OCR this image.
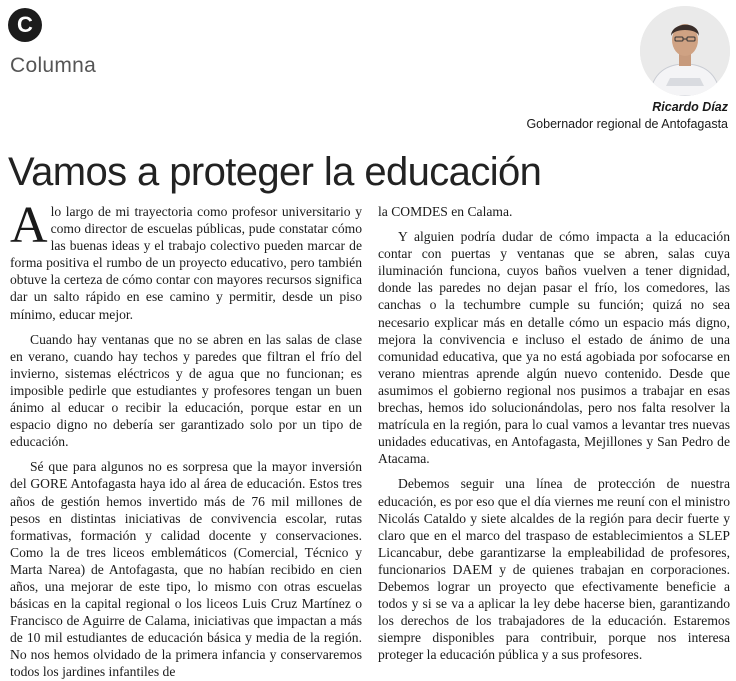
C
Columna
Ricardo Díaz
Gobernador regional de Antofagasta
Vamos a proteger la educación

Alo largo de mi trayectoria como profesor universitario y como director de escuelas públicas, pude constatar cómo las buenas ideas y el trabajo colectivo pueden marcar de forma positiva el rumbo de un proyecto educativo, pero también obtuve la certeza de cómo contar con mayores recursos significa dar un salto rápido en ese camino y permitir, desde un piso mínimo, educar mejor.

Cuando hay ventanas que no se abren en las salas de clase en verano, cuando hay techos y paredes que filtran el frío del invierno, sistemas eléctricos y de agua que no funcionan; es imposible pedirle que estudiantes y profesores tengan un buen ánimo al educar o recibir la educación, porque estar en un espacio digno no debería ser garantizado solo por un tipo de educación.

Sé que para algunos no es sorpresa que la mayor inversión del GORE Antofagasta haya ido al área de educación. Estos tres años de gestión hemos invertido más de 76 mil millones de pesos en distintas iniciativas de convivencia escolar, rutas formativas, formación y calidad docente y conservaciones. Como la de tres liceos emblemáticos (Comercial, Técnico y Marta Narea) de Antofagasta, que no habían recibido en cien años, una mejorar de este tipo, lo mismo con otras escuelas básicas en la capital regional o los liceos Luis Cruz Martínez o Francisco de Aguirre de Calama, iniciativas que impactan a más de 10 mil estudiantes de educación básica y media de la región. No nos hemos olvidado de la primera infancia y conservaremos todos los jardines infantiles de

la COMDES en Calama.

Y alguien podría dudar de cómo impacta a la educación contar con puertas y ventanas que se abren, salas cuya iluminación funciona, cuyos baños vuelven a tener dignidad, donde las paredes no dejan pasar el frío, los comedores, las canchas o la techumbre cumple su función; quizá no sea necesario explicar más en detalle cómo un espacio más digno, mejora la convivencia e incluso el estado de ánimo de una comunidad educativa, que ya no está agobiada por sofocarse en verano mientras aprende algún nuevo contenido. Desde que asumimos el gobierno regional nos pusimos a trabajar en esas brechas, hemos ido solucionándolas, pero nos falta resolver la matrícula en la región, para lo cual vamos a levantar tres nuevas unidades educativas, en Antofagasta, Mejillones y San Pedro de Atacama.

Debemos seguir una línea de protección de nuestra educación, es por eso que el día viernes me reuní con el ministro Nicolás Cataldo y siete alcaldes de la región para decir fuerte y claro que en el marco del traspaso de establecimientos a SLEP Licancabur, debe garantizarse la empleabilidad de profesores, funcionarios DAEM y de quienes trabajan en corporaciones. Debemos lograr un proyecto que efectivamente beneficie a todos y si se va a aplicar la ley debe hacerse bien, garantizando los derechos de los trabajadores de la educación. Estaremos siempre disponibles para contribuir, porque nos interesa proteger la educación pública y a sus profesores.
